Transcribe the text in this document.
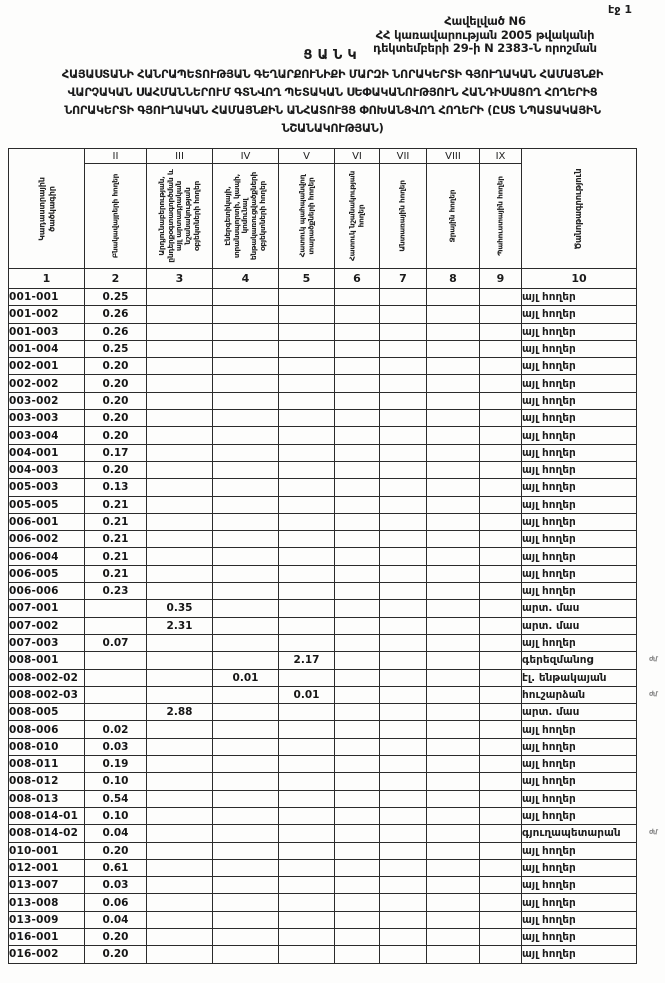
էջ 1
Հավելված N6
ՀՀ կառավարության 2005 թվականի
դեկտեմբերի 29-ի N 2383-Ն որոշման
ՑԱՆԿ
ՀԱՅԱՍՏԱՆԻ ՀԱՆՐԱՊԵՏՈՒԹՅԱՆ ԳԵՂԱՐՔՈՒՆԻՔԻ ՄԱՐԶԻ ՆՈՐԱԿԵՐՏԻ ԳՅՈՒՂԱԿԱՆ ՀԱՄԱՅՆՔԻ
ՎԱՐՉԱԿԱՆ ՍԱՀՄԱՆՆԵՐՈՒՄ ԳՏՆՎՈՂ ՊԵՏԱԿԱՆ ՍԵՓԱԿԱՆՈՒԹՅՈՒՆ ՀԱՆԴԻՍԱՑՈՂ ՀՈՂԵՐԻՑ
ՆՈՐԱԿԵՐՏԻ ԳՅՈՒՂԱԿԱՆ ՀԱՄԱՅՆՔԻՆ ԱՆՀԱՏՈՒՅՑ ՓՈԽԱՆՑՎՈՂ ՀՈՂԵՐԻ (ԸՍՏ ՆՊԱՏԱԿԱՅԻՆ
ՆՇԱՆԱԿՈՒԹՅԱՆ)
Կադաստրային ծածկագիր	II	III	IV	V	VI	VII	VIII	IX	Ծանոթագրություն

	Բնակավայրերի հողեր	Արդյունաբերության, ընդերքօգտագործման և այլ արտադրական նշանակության օբյեկտների հողեր	Էներգետիկայի, տրանսպորտի, կապի, կոմունալ ենթակառուցվածքների օբյեկտների հողեր	Հատուկ պահպանվող տարածքների հողեր	Հատուկ նշանակության հողեր	Անտառային հողեր	Ջրային հողեր	Պահուստային հողեր	

1	2	3	4	5	6	7	8	9	10
001-001	0.25								այլ հողեր
001-002	0.26								այլ հողեր
001-003	0.26								այլ հողեր
001-004	0.25								այլ հողեր
002-001	0.20								այլ հողեր
002-002	0.20								այլ հողեր
003-002	0.20								այլ հողեր
003-003	0.20								այլ հողեր
003-004	0.20								այլ հողեր
004-001	0.17								այլ հողեր
004-003	0.20								այլ հողեր
005-003	0.13								այլ հողեր
005-005	0.21								այլ հողեր
006-001	0.21								այլ հողեր
006-002	0.21								այլ հողեր
006-004	0.21								այլ հողեր
006-005	0.21								այլ հողեր
006-006	0.23								այլ հողեր
007-001		0.35							արտ. մաս
007-002		2.31							արտ. մաս
007-003	0.07								այլ հողեր
008-001				2.17					գերեզմանոց ժմ

008-002-02			0.01						էլ. ենթակայան
008-002-03				0.01					հուշարձան ժմ

008-005		2.88							արտ. մաս
008-006	0.02								այլ հողեր
008-010	0.03								այլ հողեր
008-011	0.19								այլ հողեր
008-012	0.10								այլ հողեր
008-013	0.54								այլ հողեր
008-014-01	0.10								այլ հողեր
008-014-02	0.04								գյուղապետարան ժմ

010-001	0.20								այլ հողեր
012-001	0.61								այլ հողեր
013-007	0.03								այլ հողեր
013-008	0.06								այլ հողեր
013-009	0.04								այլ հողեր
016-001	0.20								այլ հողեր
016-002	0.20								այլ հողեր
